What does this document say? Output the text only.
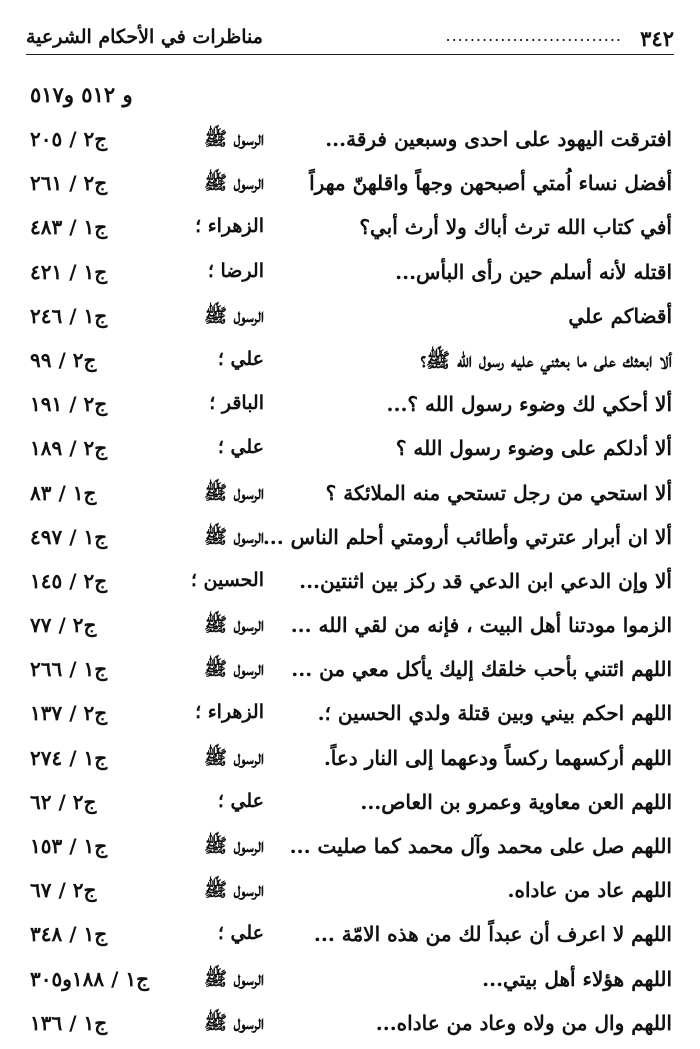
٣٤٢
.............................
مناظرات في الأحكام الشرعية
و ٥١٢ و٥١٧
افترقت اليهود على احدى وسبعين فرقة...
الرسول ﷺ
ج٢ / ٢٠٥
أفضل نساء اُمتي أصبحهن وجهاً واقلهنّ مهراً
الرسول ﷺ
ج٢ / ٢٦١
أفي كتاب الله ترث أباك ولا أرث أبي؟
الزهراء ؛
ج١ / ٤٨٣
اقتله لأنه أسلم حين رأى البأس...
الرضا ؛
ج١ / ٤٢١
أقضاكم علي
الرسول ﷺ
ج١ / ٢٤٦
ألا ابعثك على ما بعثني عليه رسول الله ﷺ؟
علي ؛
ج٢ / ٩٩
ألا أحكي لك وضوء رسول الله ؟...
الباقر ؛
ج٢ / ١٩١
ألا أدلكم على وضوء رسول الله ؟
علي ؛
ج٢ / ١٨٩
ألا استحي من رجل تستحي منه الملائكة ؟
الرسول ﷺ
ج١ / ٨٣
ألا ان أبرار عترتي وأطائب أرومتي أحلم الناس ...
الرسول ﷺ
ج١ / ٤٩٧
ألا وإن الدعي ابن الدعي قد ركز بين اثنتين...
الحسين ؛
ج٢ / ١٤٥
الزموا مودتنا أهل البيت ، فإنه من لقي الله ...
الرسول ﷺ
ج٢ / ٧٧
اللهم ائتني بأحب خلقك إليك يأكل معي من ...
الرسول ﷺ
ج١ / ٢٦٦
اللهم احكم بيني وبين قتلة ولدي الحسين ؛.
الزهراء ؛
ج٢ / ١٣٧
اللهم أركسهما ركساً ودعهما إلى النار دعاً.
الرسول ﷺ
ج١ / ٢٧٤
اللهم العن معاوية وعمرو بن العاص...
علي ؛
ج٢ / ٦٢
اللهم صل على محمد وآل محمد كما صليت ...
الرسول ﷺ
ج١ / ١٥٣
اللهم عاد من عاداه.
الرسول ﷺ
ج٢ / ٦٧
اللهم لا اعرف أن عبداً لك من هذه الامّة ...
علي ؛
ج١ / ٣٤٨
اللهم هؤلاء أهل بيتي...
الرسول ﷺ
ج١ / ١٨٨و٣٠٥
اللهم وال من ولاه وعاد من عاداه...
الرسول ﷺ
ج١ / ١٣٦
